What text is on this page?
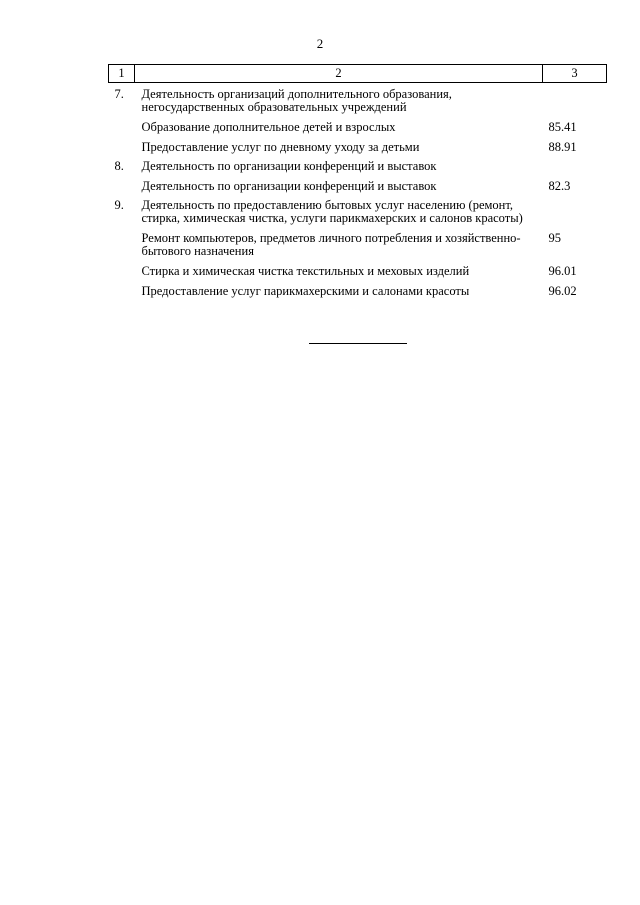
2
1	2	3
7.	Деятельность организаций дополнительного образования, негосударственных образовательных учреждений	
	Образование дополнительное детей и взрослых	85.41
	Предоставление услуг по дневному уходу за детьми	88.91
8.	Деятельность по организации конференций и выставок	
	Деятельность по организации конференций и выставок	82.3
9.	Деятельность по предоставлению бытовых услуг населению (ремонт, стирка, химическая чистка, услуги парикмахерских и салонов красоты)	
	Ремонт компьютеров, предметов личного потребления и хозяйственно-бытового назначения	95
	Стирка и химическая чистка текстильных и меховых изделий	96.01
	Предоставление услуг парикмахерскими и салонами красоты	96.02
